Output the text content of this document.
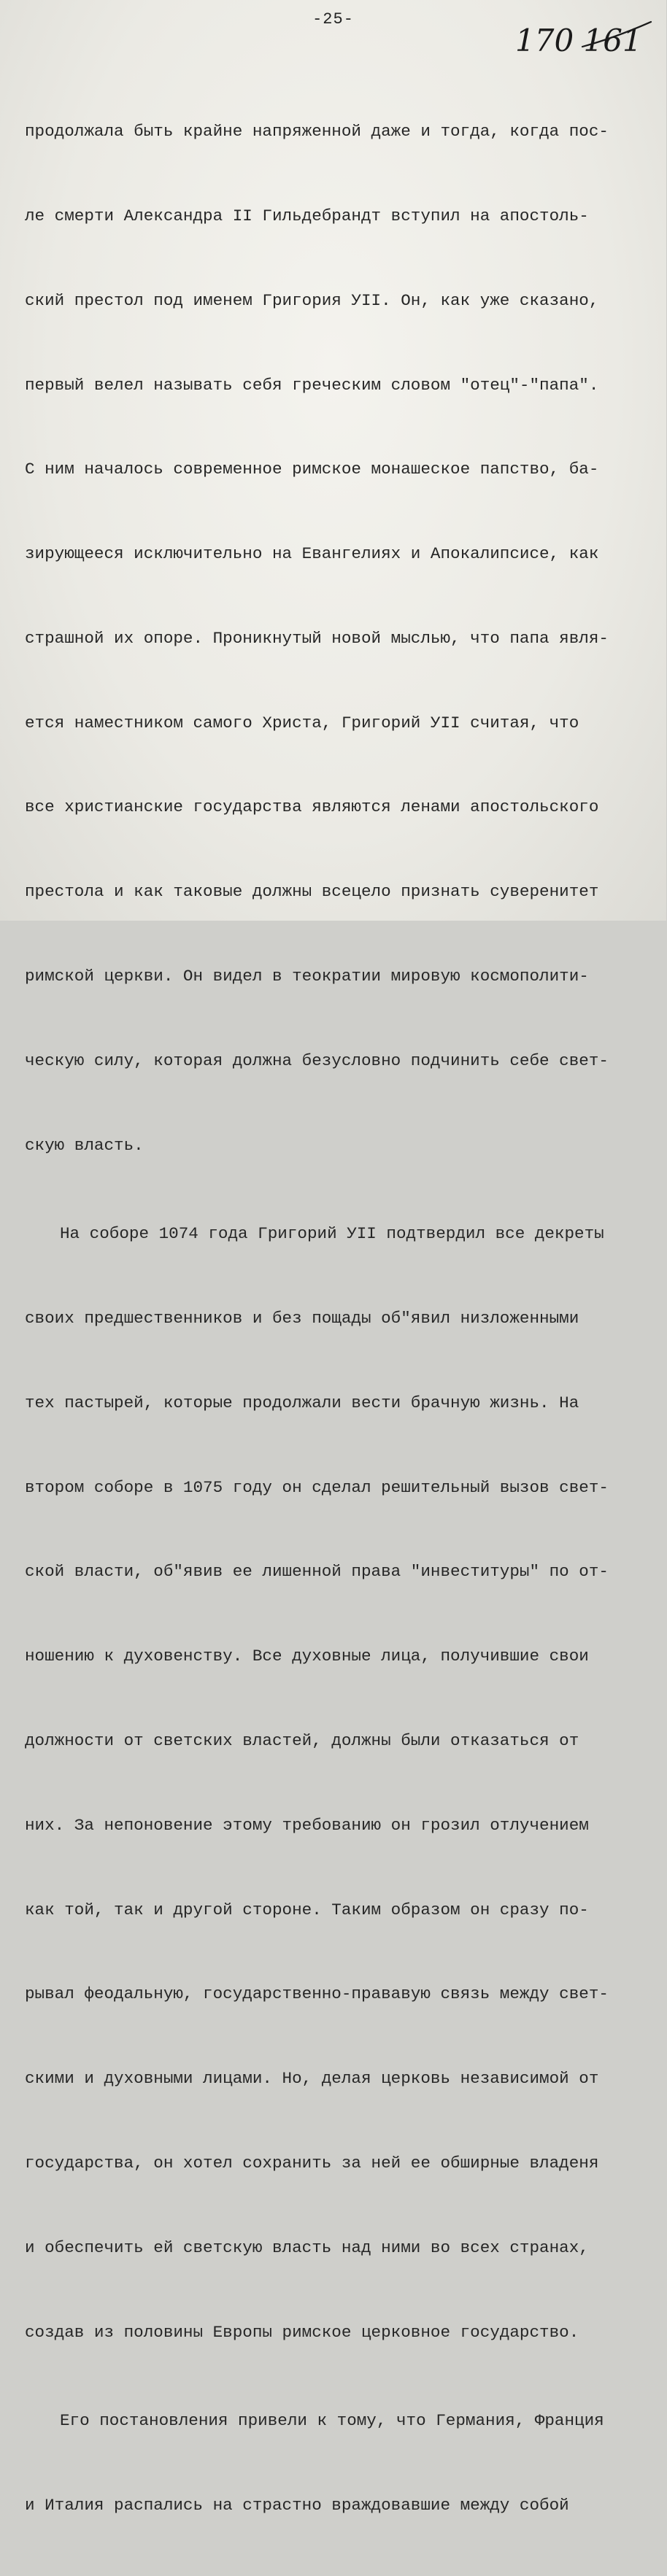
-25-
170 161

продолжала быть крайне напряженной даже и тогда, когда пос-

ле смерти Александра II Гильдебрандт вступил на апостоль-

ский престол под именем Григория УII. Он, как уже сказано,

первый велел называть себя греческим словом "отец"-"папа".

С ним началось современное римское монашеское папство, ба-

зирующееся исключительно на Евангелиях и Апокалипсисе, как

страшной их опоре. Проникнутый новой мыслью, что папа явля-

ется наместником самого Христа, Григорий УII считая, что

все христианские государства являются ленами апостольского

престола и как таковые должны всецело признать суверенитет

римской церкви. Он видел в теократии мировую космополити-

ческую силу, которая должна безусловно подчинить себе свет-

скую власть.

На соборе 1074 года Григорий УII подтвердил все декреты

своих предшественников и без пощады об"явил низложенными

тех пастырей, которые продолжали вести брачную жизнь. На

втором соборе в 1075 году он сделал решительный вызов свет-

ской власти, об"явив ее лишенной права "инвеституры" по от-

ношению к духовенству. Все духовные лица, получившие свои

должности от светских властей, должны были отказаться от

них. За непоновение этому требованию он грозил отлучением

как той, так и другой стороне. Таким образом он сразу по-

рывал феодальную, государственно-прававую связь между свет-

скими и духовными лицами. Но, делая церковь независимой от

государства, он хотел сохранить за ней ее обширные владеня

и обеспечить ей светскую власть над ними во всех странах,

создав из половины Европы римское церковное государство.

Его постановления привели к тому, что Германия, Франция

и Италия распались на страстно враждовавшие между собой
